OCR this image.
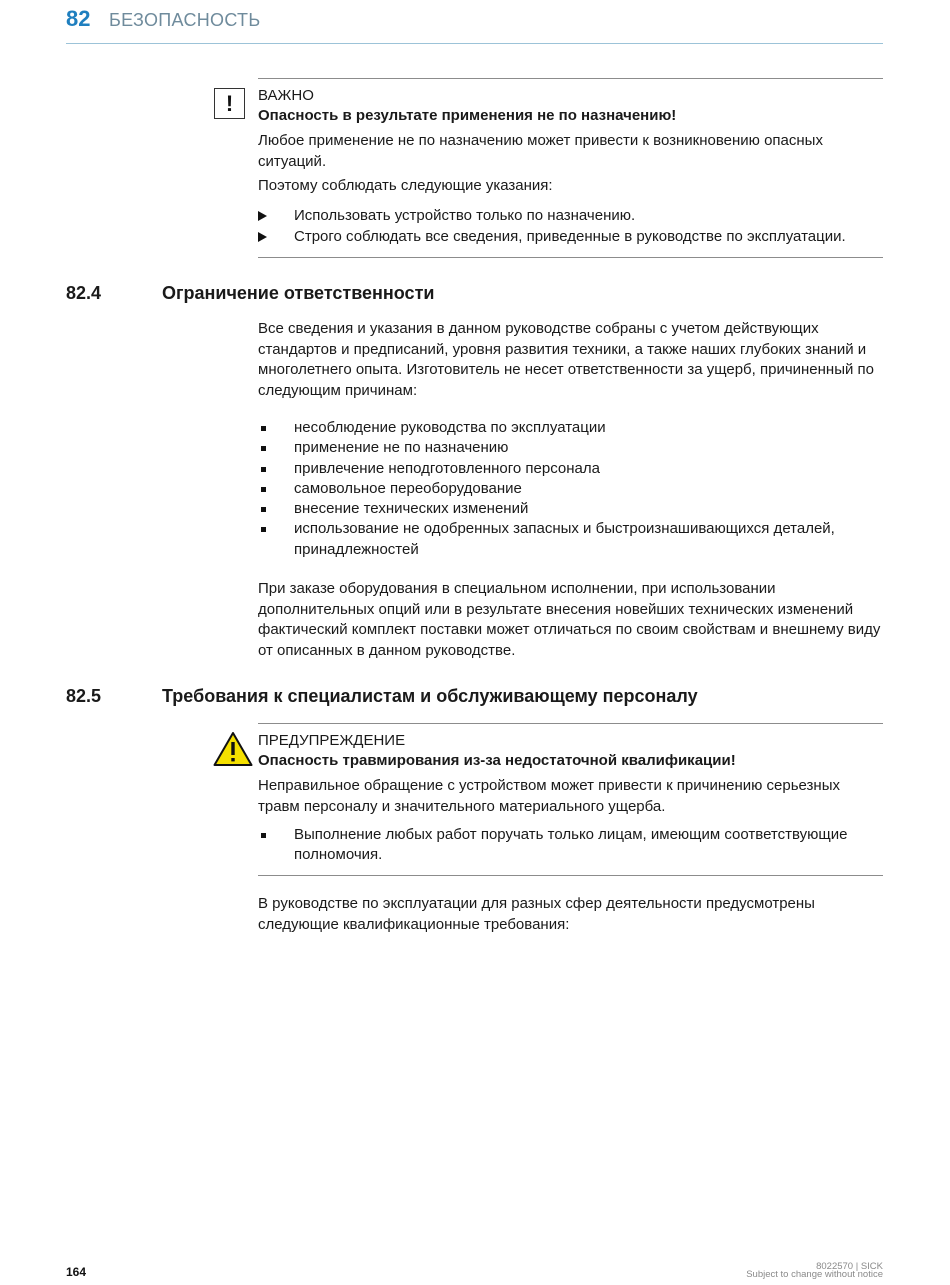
82 БЕЗОПАСНОСТЬ
!	ВАЖНО
Опасность в результате применения не по назначению!
Любое применение не по назначению может привести к возникновению опасных ситуаций.
Поэтому соблюдать следующие указания:
Использовать устройство только по назначению.
Строго соблюдать все сведения, приведенные в руководстве по эксплуатации.
82.4	Ограничение ответственности
Все сведения и указания в данном руководстве собраны с учетом действующих стандартов и предписаний, уровня развития техники, а также наших глубоких знаний и многолетнего опыта. Изготовитель не несет ответственности за ущерб, причиненный по следующим причинам:
несоблюдение руководства по эксплуатации
применение не по назначению
привлечение неподготовленного персонала
самовольное переоборудование
внесение технических изменений
использование не одобренных запасных и быстроизнашивающихся деталей, принадлежностей
При заказе оборудования в специальном исполнении, при использовании дополнительных опций или в результате внесения новейших технических изменений фактический комплект поставки может отличаться по своим свойствам и внешнему виду от описанных в данном руководстве.
82.5	Требования к специалистам и обслуживающему персоналу
ПРЕДУПРЕЖДЕНИЕ
Опасность травмирования из-за недостаточной квалификации!
Неправильное обращение с устройством может привести к причинению серьезных травм персоналу и значительного материального ущерба.
Выполнение любых работ поручать только лицам, имеющим соответствующие полномочия.
В руководстве по эксплуатации для разных сфер деятельности предусмотрены следующие квалификационные требования:
164	8022570 | SICK
Subject to change without notice
